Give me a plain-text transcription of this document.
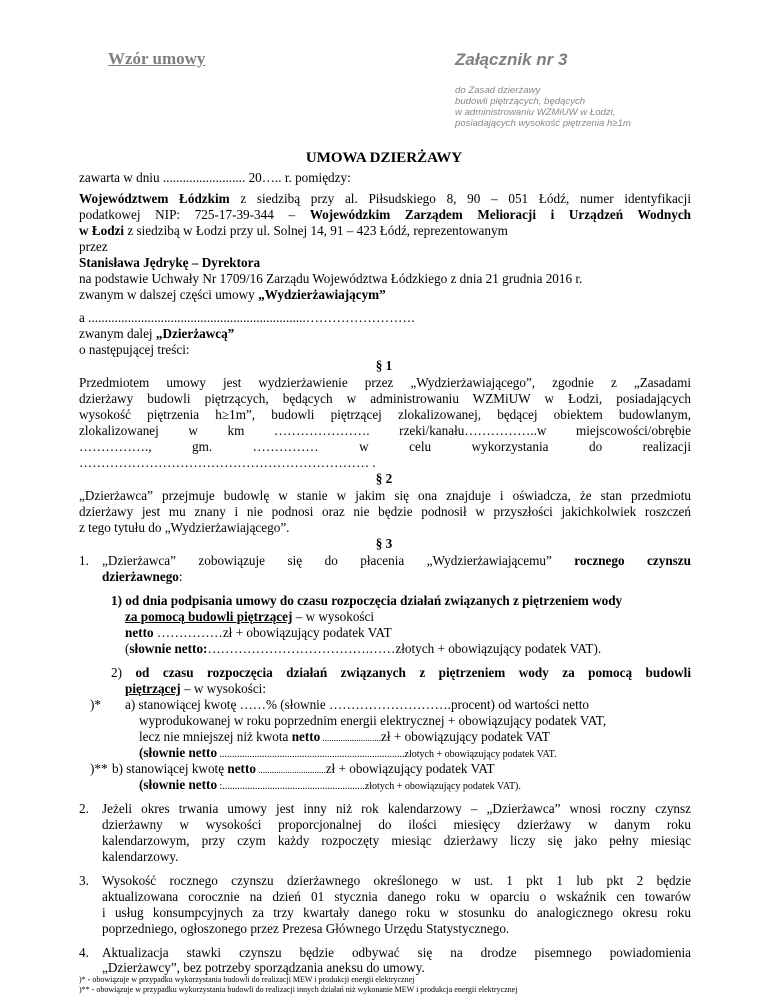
Wzór umowy	Załącznik nr 3
do Zasad dzierżawy
budowli piętrzących, będących
w administrowaniu WZMiUW w Łodzi,
posiadających wysokość piętrzenia h≥1m
UMOWA DZIERŻAWY
zawarta w dniu ......................... 20….. r. pomiędzy:
Województwem Łódzkim z siedzibą przy al. Piłsudskiego 8, 90 – 051 Łódź, numer identyfikacji
podatkowej NIP: 725-17-39-344 – Wojewódzkim Zarządem Melioracji i Urządzeń Wodnych
w Łodzi z siedzibą w Łodzi przy ul. Solnej 14, 91 – 423 Łódź, reprezentowanym
przez
Stanisława Jędrykę – Dyrektora
na podstawie Uchwały Nr 1709/16 Zarządu Województwa Łódzkiego z dnia 21 grudnia 2016 r.
zwanym w dalszej części umowy „Wydzierżawiającym”
a ..................................................................…………………….
zwanym dalej „Dzierżawcą”
o następującej treści:
§ 1
Przedmiotem umowy jest wydzierżawienie przez „Wydzierżawiającego”, zgodnie z „Zasadami
dzierżawy budowli piętrzących, będących w administrowaniu WZMiUW w Łodzi, posiadających
wysokość piętrzenia h≥1m”, budowli piętrzącej zlokalizowanej, będącej obiektem budowlanym,
zlokalizowanej w km …………………. rzeki/kanału……………..w miejscowości/obrębie
……………., gm. …………… w celu wykorzystania do realizacji
………………………………………………………… .
§ 2
„Dzierżawca” przejmuje budowlę w stanie w jakim się ona znajduje i oświadcza, że stan przedmiotu
dzierżawy jest mu znany i nie podnosi oraz nie będzie podnosił w przyszłości jakichkolwiek roszczeń
z tego tytułu do „Wydzierżawiającego”.
§ 3
1. „Dzierżawca” zobowiązuje się do płacenia „Wydzierżawiającemu” rocznego czynszu
dzierżawnego:
1) od dnia podpisania umowy do czasu rozpoczęcia działań związanych z piętrzeniem wody
za pomocą budowli piętrzącej – w wysokości
netto ……………zł + obowiązujący podatek VAT
(słownie netto:……………………………….……złotych + obowiązujący podatek VAT).
2) od czasu rozpoczęcia działań związanych z piętrzeniem wody za pomocą budowli
piętrzącej – w wysokości:
)* a) stanowiącej kwotę ……% (słownie ……………………….procent) od wartości netto
wyprodukowanej w roku poprzednim energii elektrycznej + obowiązujący podatek VAT,
lecz nie mniejszej niż kwota netto ..........................zł + obowiązujący podatek VAT
(słownie netto ..........................................................................złotych + obowiązujący podatek VAT.
)** b) stanowiącej kwotę netto ..............................zł + obowiązujący podatek VAT
(słownie netto :.........................................................złotych + obowiązujący podatek VAT).
2. Jeżeli okres trwania umowy jest inny niż rok kalendarzowy – „Dzierżawca” wnosi roczny czynsz
dzierżawny w wysokości proporcjonalnej do ilości miesięcy dzierżawy w danym roku
kalendarzowym, przy czym każdy rozpoczęty miesiąc dzierżawy liczy się jako pełny miesiąc
kalendarzowy.
3. Wysokość rocznego czynszu dzierżawnego określonego w ust. 1 pkt 1 lub pkt 2 będzie
aktualizowana corocznie na dzień 01 stycznia danego roku w oparciu o wskaźnik cen towarów
i usług konsumpcyjnych za trzy kwartały danego roku w stosunku do analogicznego okresu roku
poprzedniego, ogłoszonego przez Prezesa Głównego Urzędu Statystycznego.
4. Aktualizacja stawki czynszu będzie odbywać się na drodze pisemnego powiadomienia
„Dzierżawcy”, bez potrzeby sporządzania aneksu do umowy.
)* - obowiązuje w przypadku wykorzystania budowli do realizacji MEW i produkcji energii elektrycznej
)** - obowiązuje w przypadku wykorzystania budowli do realizacji innych działań niż wykonanie MEW i produkcja energii elektrycznej
